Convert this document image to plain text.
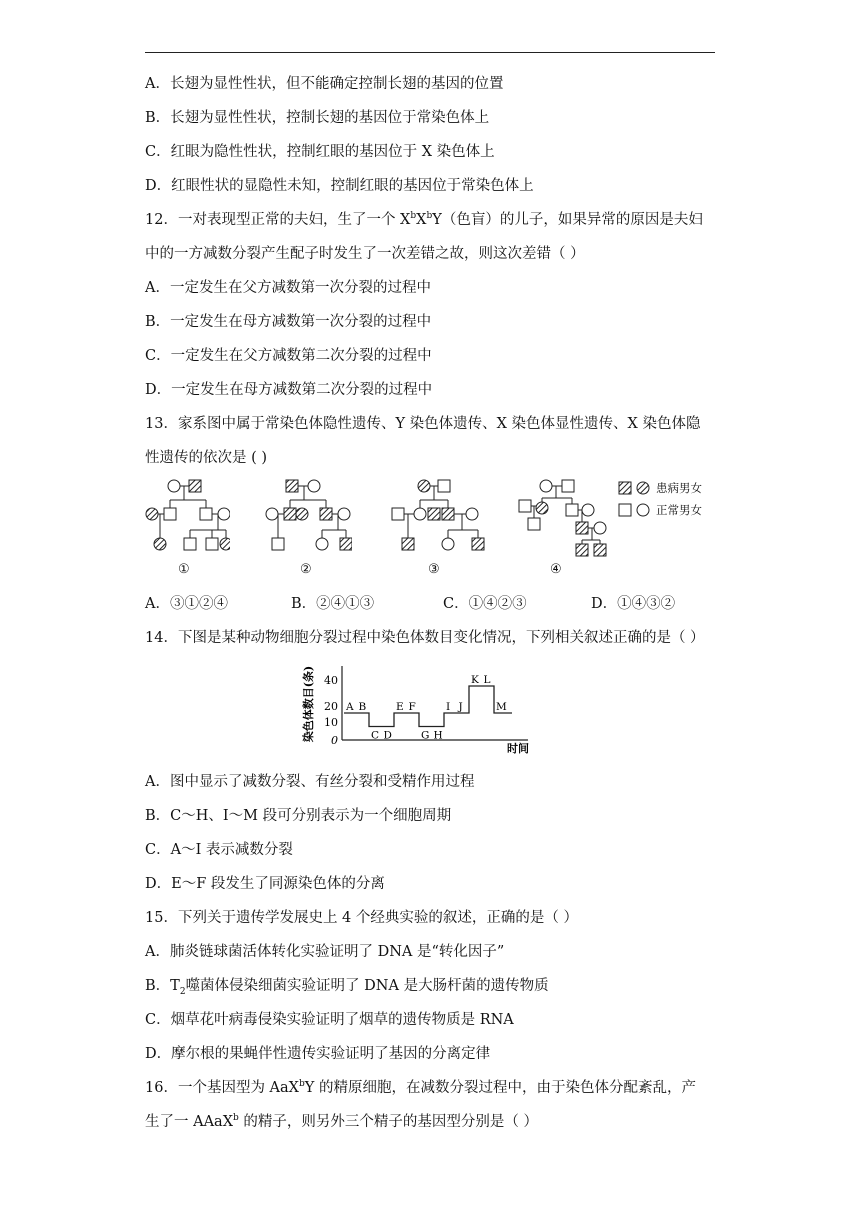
A．长翅为显性性状，但不能确定控制长翅的基因的位置
B．长翅为显性性状，控制长翅的基因位于常染色体上
C．红眼为隐性性状，控制红眼的基因位于 X 染色体上
D．红眼性状的显隐性未知，控制红眼的基因位于常染色体上
12．一对表现型正常的夫妇，生了一个 $X^bX^bY$（色盲）的儿子，如果异常的原因是夫妇
中的一方减数分裂产生配子时发生了一次差错之故，则这次差错（ ）
A．一定发生在父方减数第一次分裂的过程中
B．一定发生在母方减数第一次分裂的过程中
C．一定发生在父方减数第二次分裂的过程中
D．一定发生在母方减数第二次分裂的过程中
13．家系图中属于常染色体隐性遗传、Y 染色体遗传、X 染色体显性遗传、X 染色体隐
性遗传的依次是 ( )
①	②	③	④
患病男女
正常男女
A．③①②④	B．②④①③	C．①④②③	D．①④③②
14．下图是某种动物细胞分裂过程中染色体数目变化情况，下列相关叙述正确的是（ ）
染色体数目(条) 40
20
10
0
时间
A B
C D
E F
G H
I J
K L
M
A．图中显示了减数分裂、有丝分裂和受精作用过程
B．C～H、I～M 段可分别表示为一个细胞周期
C．A～I 表示减数分裂
D．E～F 段发生了同源染色体的分离
15．下列关于遗传学发展史上 4 个经典实验的叙述，正确的是（ ）
A．肺炎链球菌活体转化实验证明了 DNA 是“转化因子”
B．$T_2$噬菌体侵染细菌实验证明了 DNA 是大肠杆菌的遗传物质
C．烟草花叶病毒侵染实验证明了烟草的遗传物质是 RNA
D．摩尔根的果蝇伴性遗传实验证明了基因的分离定律
16．一个基因型为 AaX$^b$Y 的精原细胞，在减数分裂过程中，由于染色体分配紊乱，产
生了一 AAaX$^b$ 的精子，则另外三个精子的基因型分别是（ ）
